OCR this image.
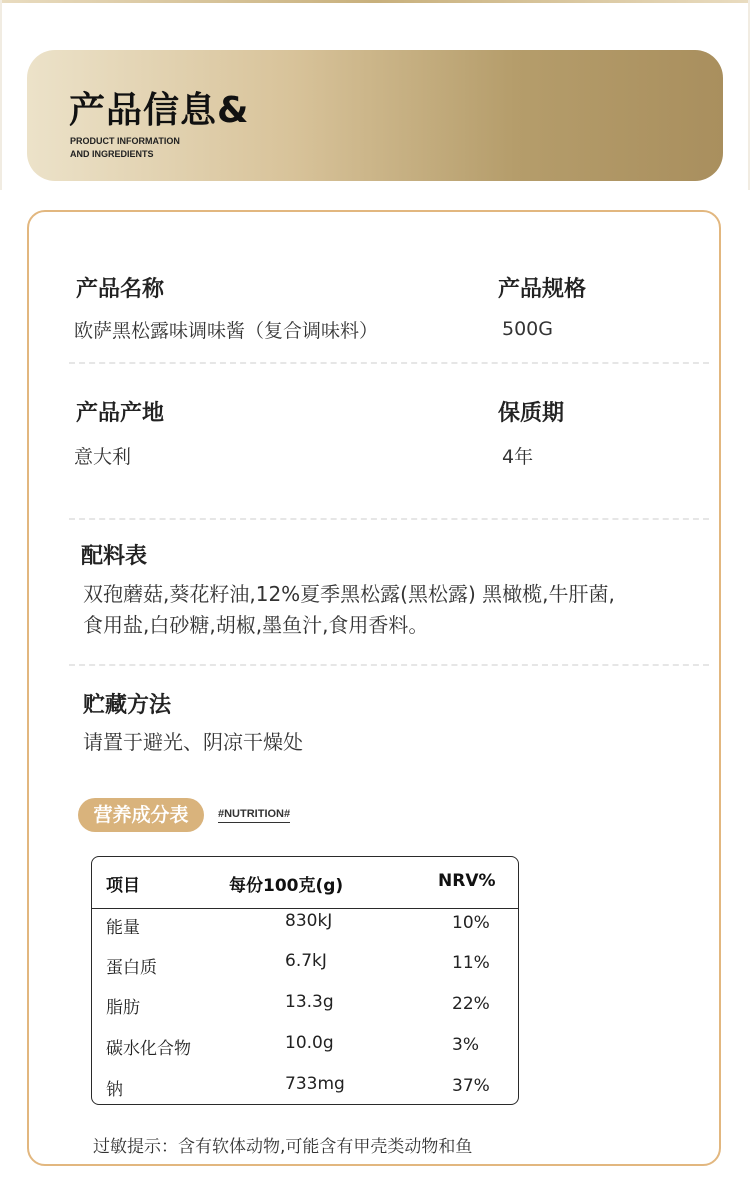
产品信息&
PRODUCT INFORMATION
AND INGREDIENTS
产品名称
欧萨黑松露味调味酱（复合调味料）
产品规格
500G
产品产地
意大利
保质期
4年
配料表
双孢蘑菇,葵花籽油,12%夏季黑松露(黑松露) 黑橄榄,牛肝菌,
食用盐,白砂糖,胡椒,墨鱼汁,食用香料。
贮藏方法
请置于避光、阴凉干燥处
营养成分表	#NUTRITION#
项目	每份100克(g)	NRV%
能量	830kJ	10%
蛋白质	6.7kJ	11%
脂肪	13.3g	22%
碳水化合物	10.0g	3%
钠	733mg	37%
过敏提示：含有软体动物,可能含有甲壳类动物和鱼
